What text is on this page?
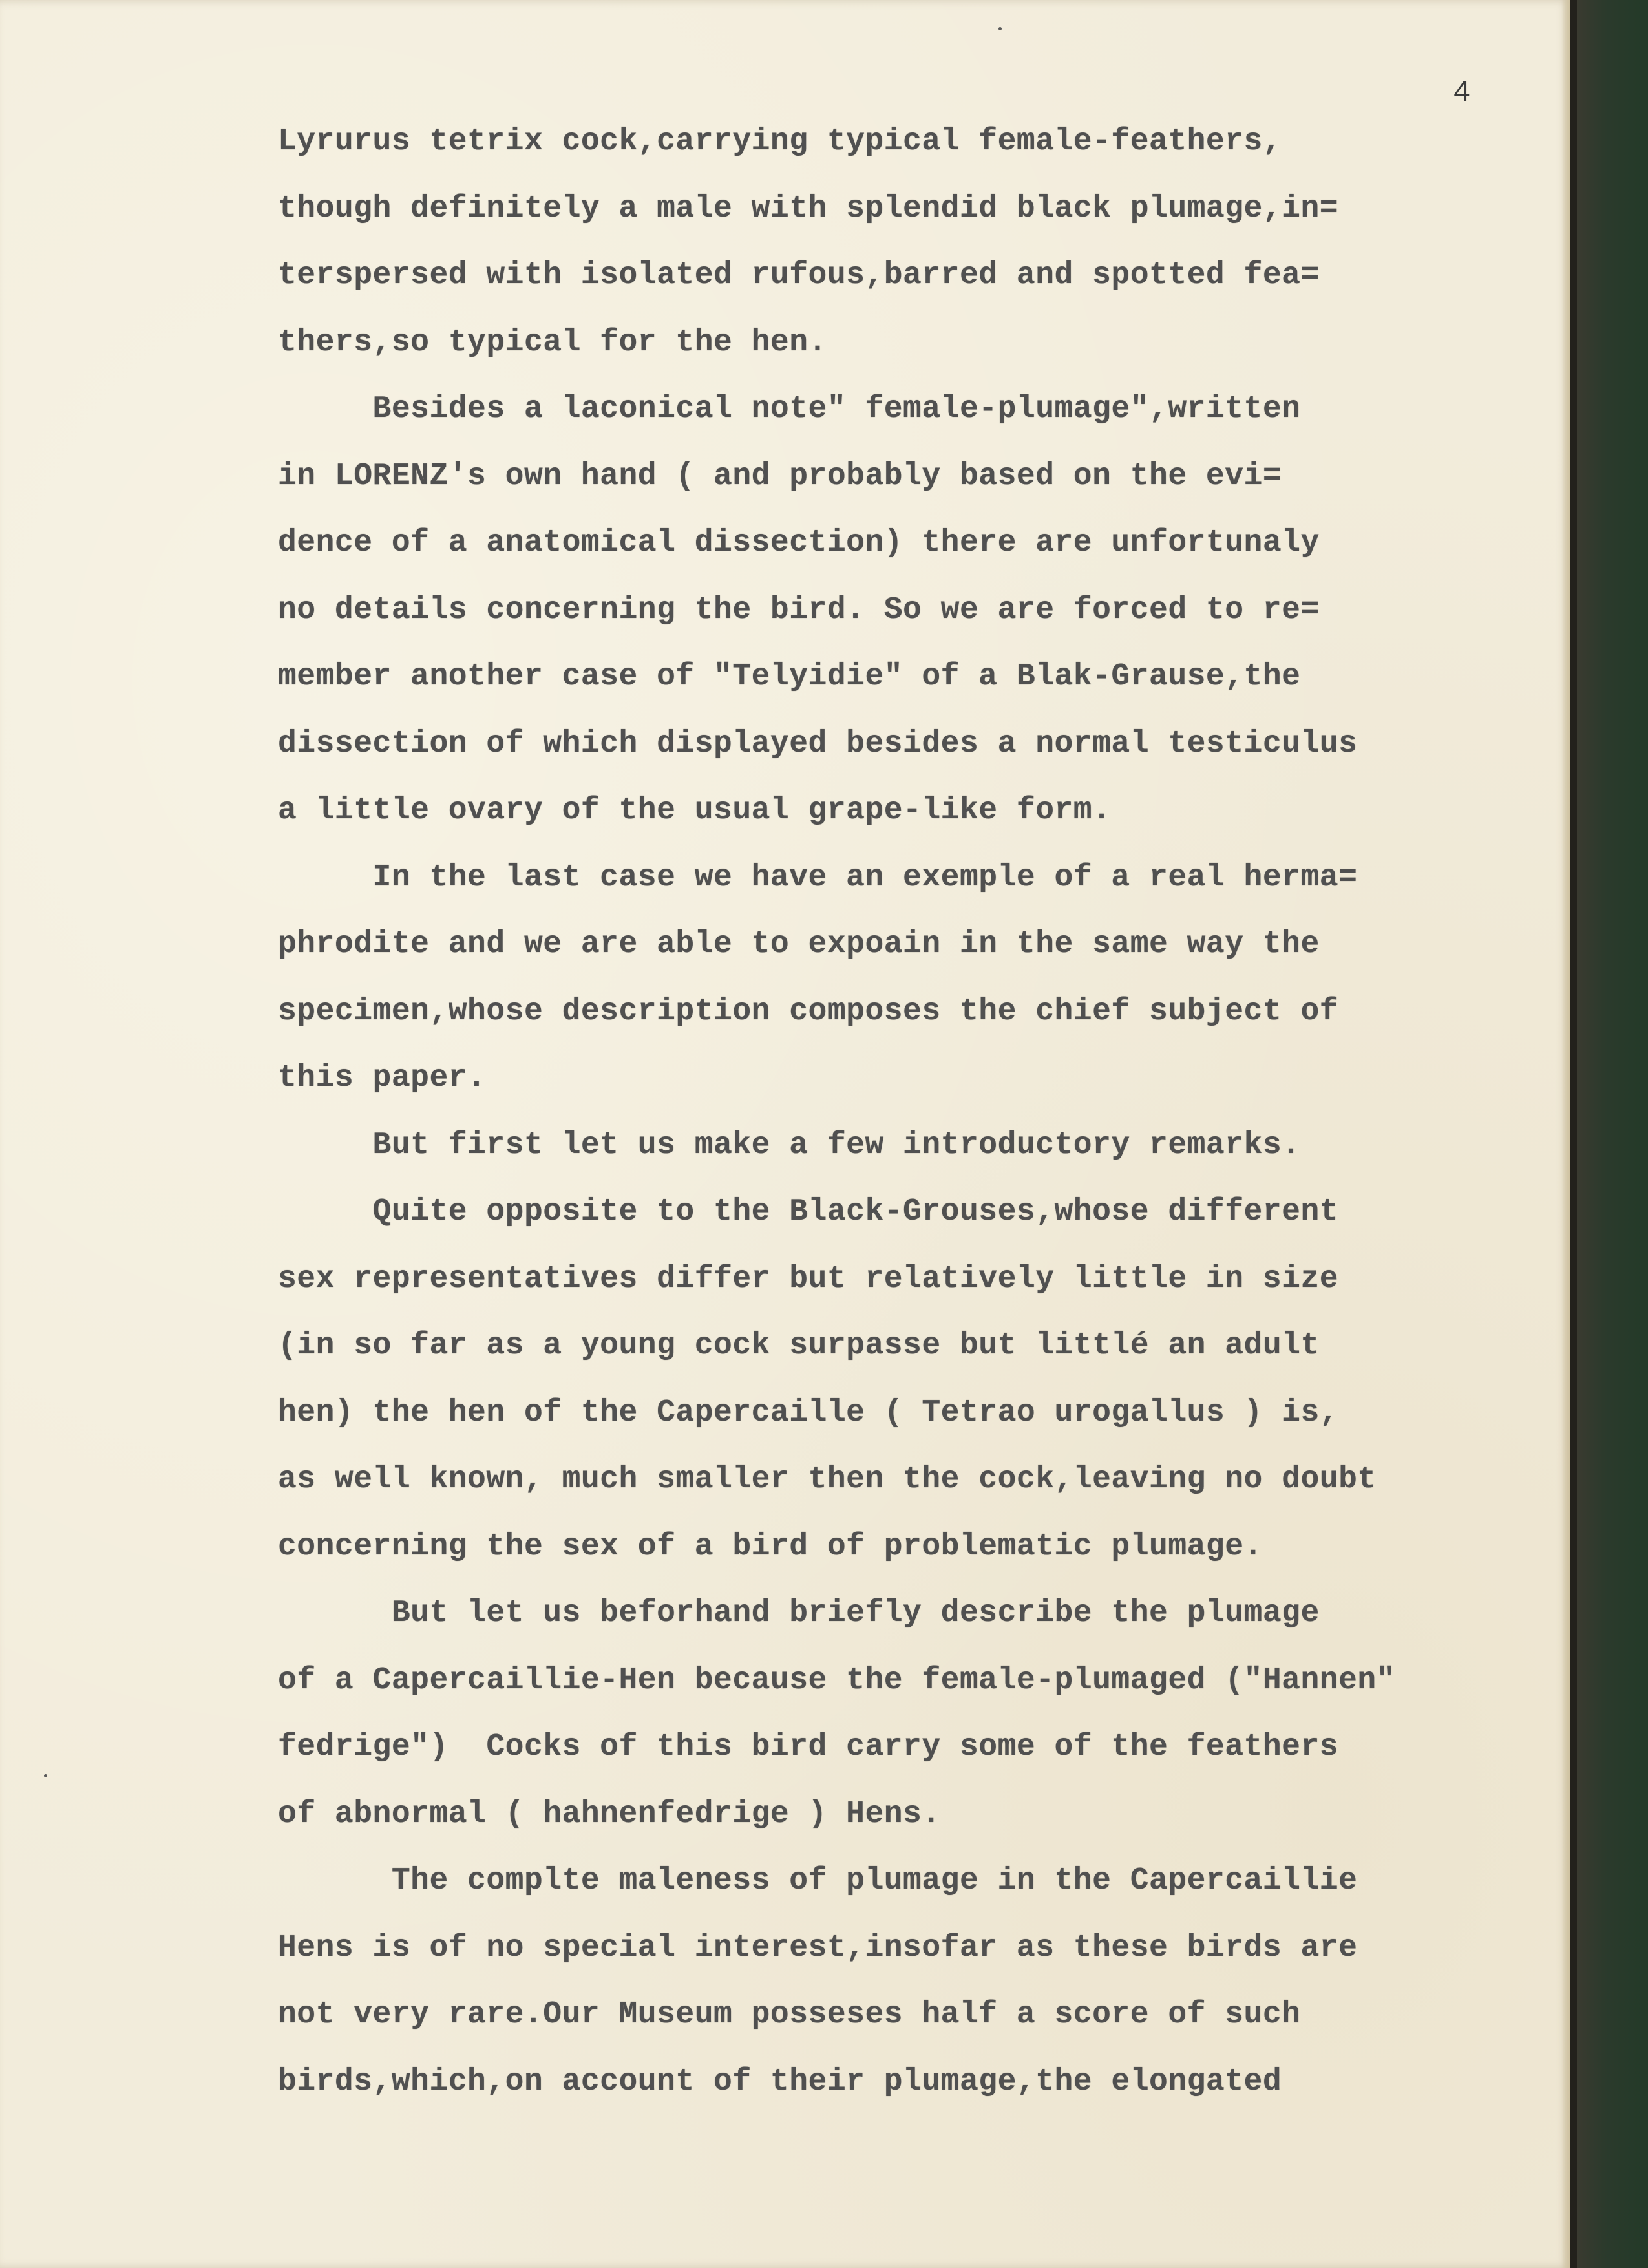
4
Lyrurus tetrix cock,carrying typical female-feathers,
though definitely a male with splendid black plumage,in=
terspersed with isolated rufous,barred and spotted fea=
thers,so typical for the hen.
Besides a laconical note" female-plumage",written
in LORENZ's own hand ( and probably based on the evi=
dence of a anatomical dissection) there are unfortunaly
no details concerning the bird. So we are forced to re=
member another case of "Telyidie" of a Blak-Grause,the
dissection of which displayed besides a normal testiculus
a little ovary of the usual grape-like form.
In the last case we have an exemple of a real herma=
phrodite and we are able to expoain in the same way the
specimen,whose description composes the chief subject of
this paper.
But first let us make a few introductory remarks.
Quite opposite to the Black-Grouses,whose different
sex representatives differ but relatively little in size
(in so far as a young cock surpasse but littlé an adult
hen) the hen of the Capercaille ( Tetrao urogallus ) is,
as well known, much smaller then the cock,leaving no doubt
concerning the sex of a bird of problematic plumage.
But let us beforhand briefly describe the plumage
of a Capercaillie-Hen because the female-plumaged ("Hannen"
fedrige")  Cocks of this bird carry some of the feathers
of abnormal ( hahnenfedrige ) Hens.
The complte maleness of plumage in the Capercaillie
Hens is of no special interest,insofar as these birds are
not very rare.Our Museum posseses half a score of such
birds,which,on account of their plumage,the elongated
